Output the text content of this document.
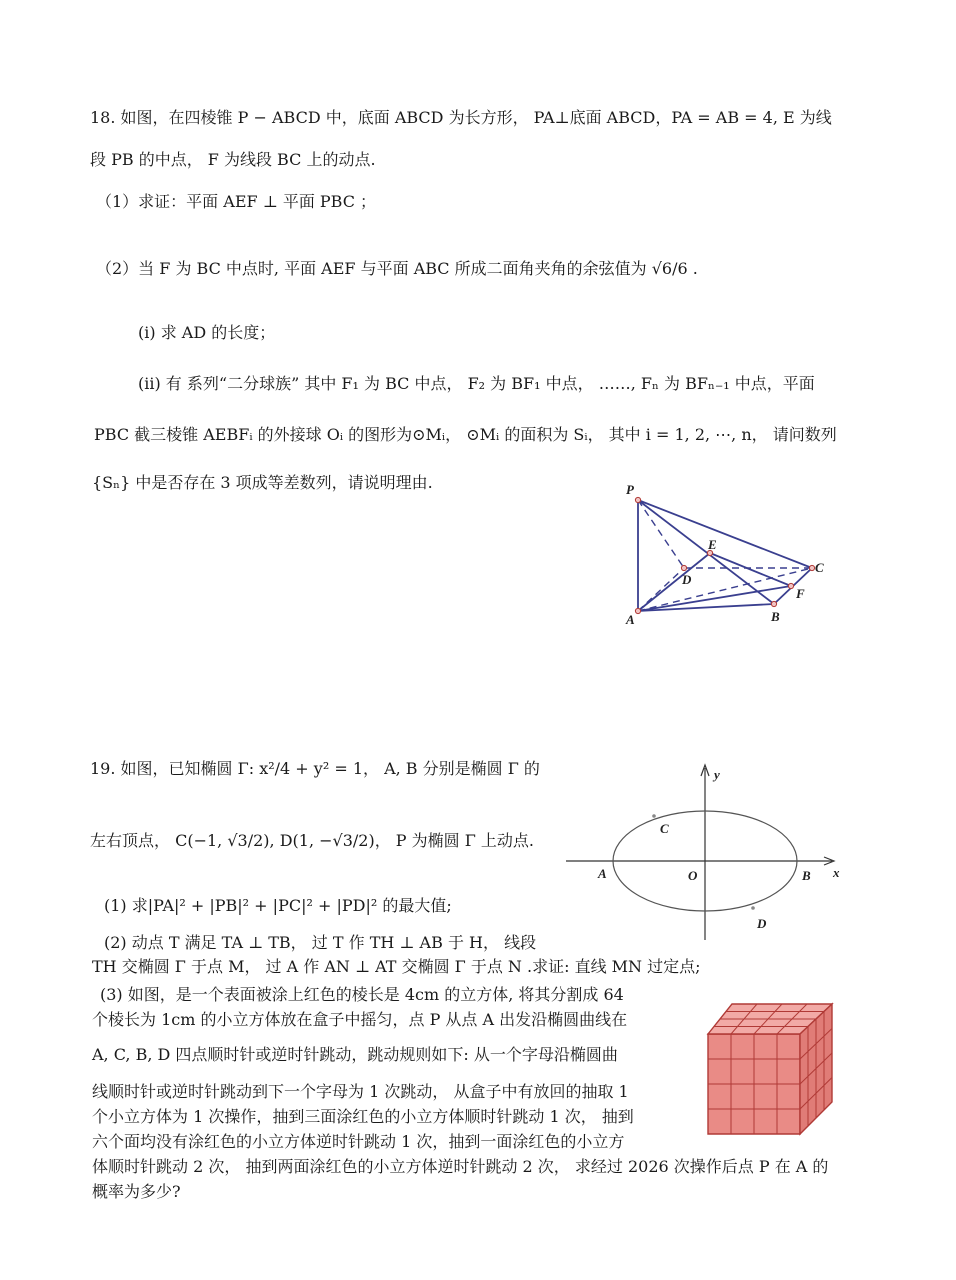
18. 如图，在四棱锥 P − ABCD 中，底面 ABCD 为长方形， PA⊥底面 ABCD，PA = AB = 4, E 为线
段 PB 的中点， F 为线段 BC 上的动点.
（1）求证：平面 AEF ⊥ 平面 PBC ；
（2）当 F 为 BC 中点时, 平面 AEF 与平面 ABC 所成二面角夹角的余弦值为 √6/6 .
(i) 求 AD 的长度；
(ii) 有 系列“二分球族” 其中 F₁ 为 BC 中点， F₂ 为 BF₁ 中点， ……, Fₙ 为 BFₙ₋₁ 中点，平面
PBC 截三棱锥 AEBFᵢ 的外接球 Oᵢ 的图形为⊙Mᵢ， ⊙Mᵢ 的面积为 Sᵢ， 其中 i = 1, 2, ⋯, n， 请问数列
{Sₙ} 中是否存在 3 项成等差数列，请说明理由.	P
E
D
C
F
A	B
19. 如图，已知椭圆 Γ: x²/4 + y² = 1， A, B 分别是椭圆 Γ 的
左右顶点， C(−1, √3/2), D(1, −√3/2)， P 为椭圆 Γ 上动点.
(1) 求|PA|² + |PB|² + |PC|² + |PD|² 的最大值;
(2) 动点 T 满足 TA ⊥ TB， 过 T 作 TH ⊥ AB 于 H， 线段
TH 交椭圆 Γ 于点 M， 过 A 作 AN ⊥ AT 交椭圆 Γ 于点 N .求证: 直线 MN 过定点;
(3) 如图，是一个表面被涂上红色的棱长是 4cm 的立方体, 将其分割成 64
个棱长为 1cm 的小立方体放在盒子中摇匀，点 P 从点 A 出发沿椭圆曲线在
A, C, B, D 四点顺时针或逆时针跳动，跳动规则如下: 从一个字母沿椭圆曲
线顺时针或逆时针跳动到下一个字母为 1 次跳动， 从盒子中有放回的抽取 1
个小立方体为 1 次操作，抽到三面涂红色的小立方体顺时针跳动 1 次， 抽到
六个面均没有涂红色的小立方体逆时针跳动 1 次，抽到一面涂红色的小立方
体顺时针跳动 2 次， 抽到两面涂红色的小立方体逆时针跳动 2 次， 求经过 2026 次操作后点 P 在 A 的
概率为多少?
y
x
C
A	O	B
D
